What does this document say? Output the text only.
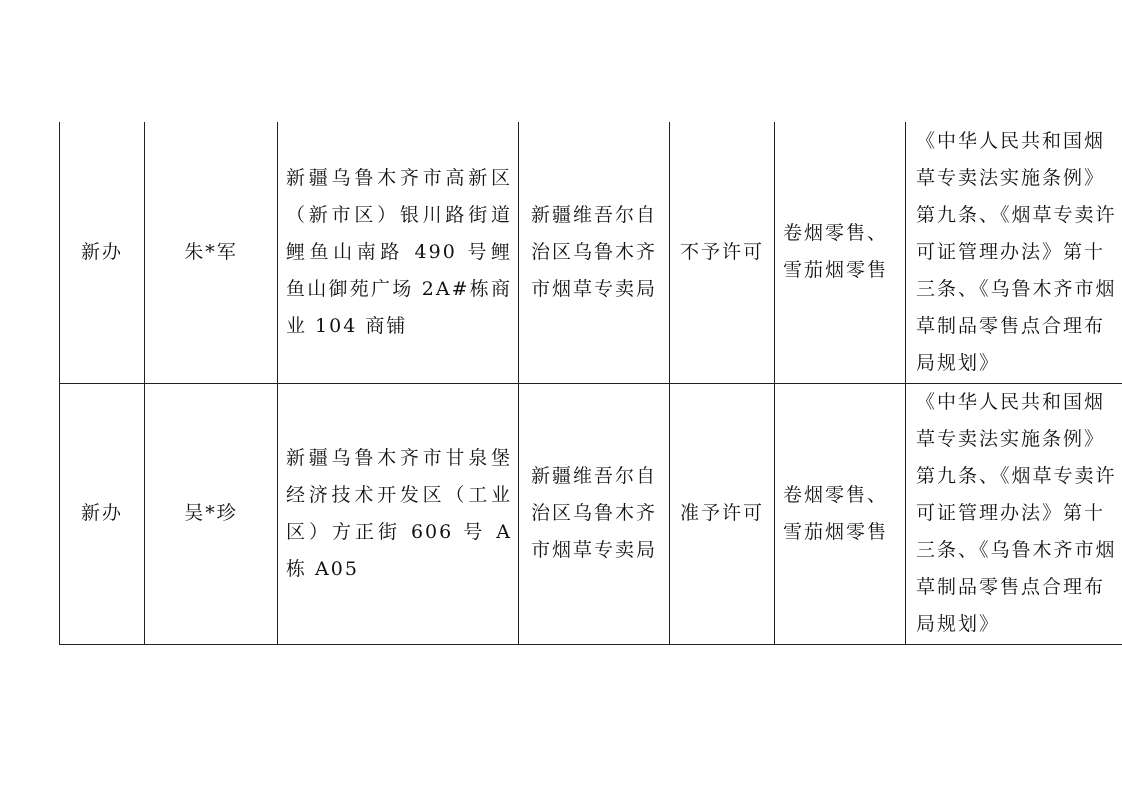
新办	朱*军	新疆乌鲁木齐市高新区（新市区）银川路街道鲤鱼山南路 490 号鲤鱼山御苑广场 2A#栋商业 104 商铺	新疆维吾尔自治区乌鲁木齐市烟草专卖局	不予许可	卷烟零售、雪茄烟零售	《中华人民共和国烟草专卖法实施条例》第九条、《烟草专卖许可证管理办法》第十三条、《乌鲁木齐市烟草制品零售点合理布局规划》
新办	吴*珍	新疆乌鲁木齐市甘泉堡经济技术开发区（工业区）方正街 606 号 A 栋 A05	新疆维吾尔自治区乌鲁木齐市烟草专卖局	准予许可	卷烟零售、雪茄烟零售	《中华人民共和国烟草专卖法实施条例》第九条、《烟草专卖许可证管理办法》第十三条、《乌鲁木齐市烟草制品零售点合理布局规划》
